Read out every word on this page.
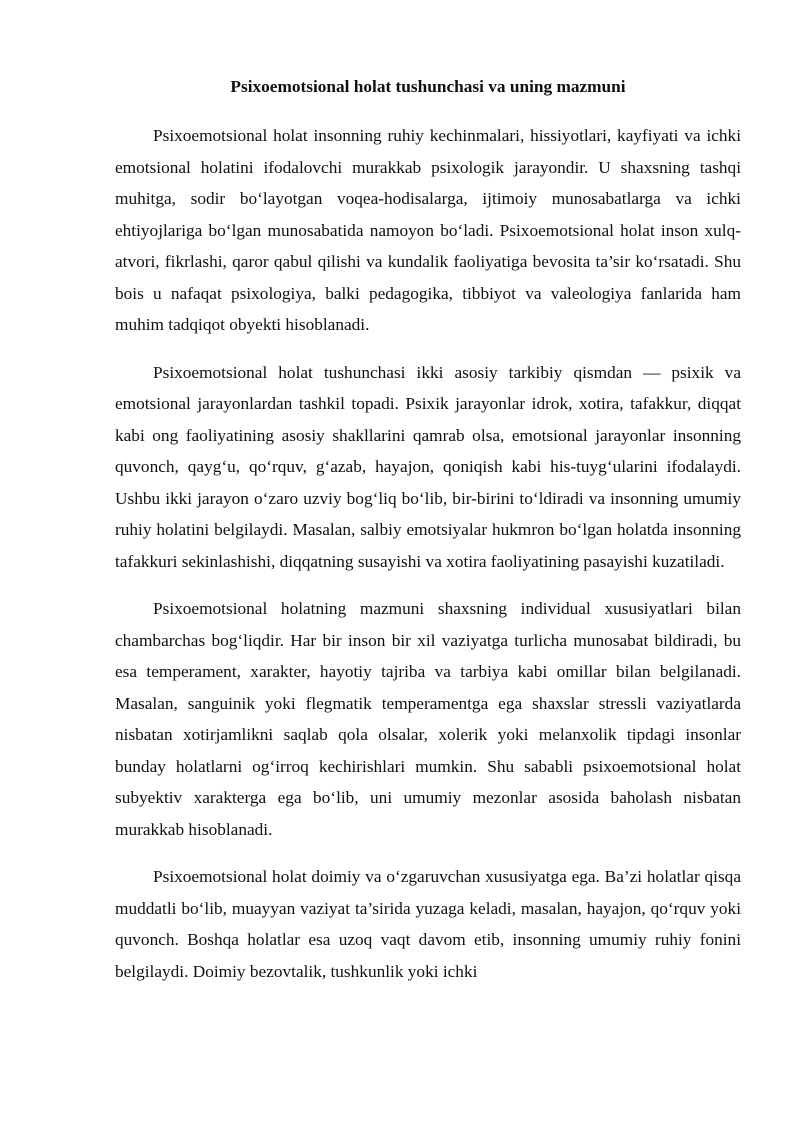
Psixoemotsional holat tushunchasi va uning mazmuni

Psixoemotsional holat insonning ruhiy kechinmalari, hissiyotlari, kayfiyati va ichki emotsional holatini ifodalovchi murakkab psixologik jarayondir. U shaxsning tashqi muhitga, sodir bo‘layotgan voqea-hodisalarga, ijtimoiy munosabatlarga va ichki ehtiyojlariga bo‘lgan munosabatida namoyon bo‘ladi. Psixoemotsional holat inson xulq-atvori, fikrlashi, qaror qabul qilishi va kundalik faoliyatiga bevosita ta’sir ko‘rsatadi. Shu bois u nafaqat psixologiya, balki pedagogika, tibbiyot va valeologiya fanlarida ham muhim tadqiqot obyekti hisoblanadi.

Psixoemotsional holat tushunchasi ikki asosiy tarkibiy qismdan — psixik va emotsional jarayonlardan tashkil topadi. Psixik jarayonlar idrok, xotira, tafakkur, diqqat kabi ong faoliyatining asosiy shakllarini qamrab olsa, emotsional jarayonlar insonning quvonch, qayg‘u, qo‘rquv, g‘azab, hayajon, qoniqish kabi his-tuyg‘ularini ifodalaydi. Ushbu ikki jarayon o‘zaro uzviy bog‘liq bo‘lib, bir-birini to‘ldiradi va insonning umumiy ruhiy holatini belgilaydi. Masalan, salbiy emotsiyalar hukmron bo‘lgan holatda insonning tafakkuri sekinlashishi, diqqatning susayishi va xotira faoliyatining pasayishi kuzatiladi.

Psixoemotsional holatning mazmuni shaxsning individual xususiyatlari bilan chambarchas bog‘liqdir. Har bir inson bir xil vaziyatga turlicha munosabat bildiradi, bu esa temperament, xarakter, hayotiy tajriba va tarbiya kabi omillar bilan belgilanadi. Masalan, sanguinik yoki flegmatik temperamentga ega shaxslar stressli vaziyatlarda nisbatan xotirjamlikni saqlab qola olsalar, xolerik yoki melanxolik tipdagi insonlar bunday holatlarni og‘irroq kechirishlari mumkin. Shu sababli psixoemotsional holat subyektiv xarakterga ega bo‘lib, uni umumiy mezonlar asosida baholash nisbatan murakkab hisoblanadi.

Psixoemotsional holat doimiy va o‘zgaruvchan xususiyatga ega. Ba’zi holatlar qisqa muddatli bo‘lib, muayyan vaziyat ta’sirida yuzaga keladi, masalan, hayajon, qo‘rquv yoki quvonch. Boshqa holatlar esa uzoq vaqt davom etib, insonning umumiy ruhiy fonini belgilaydi. Doimiy bezovtalik, tushkunlik yoki ichki
